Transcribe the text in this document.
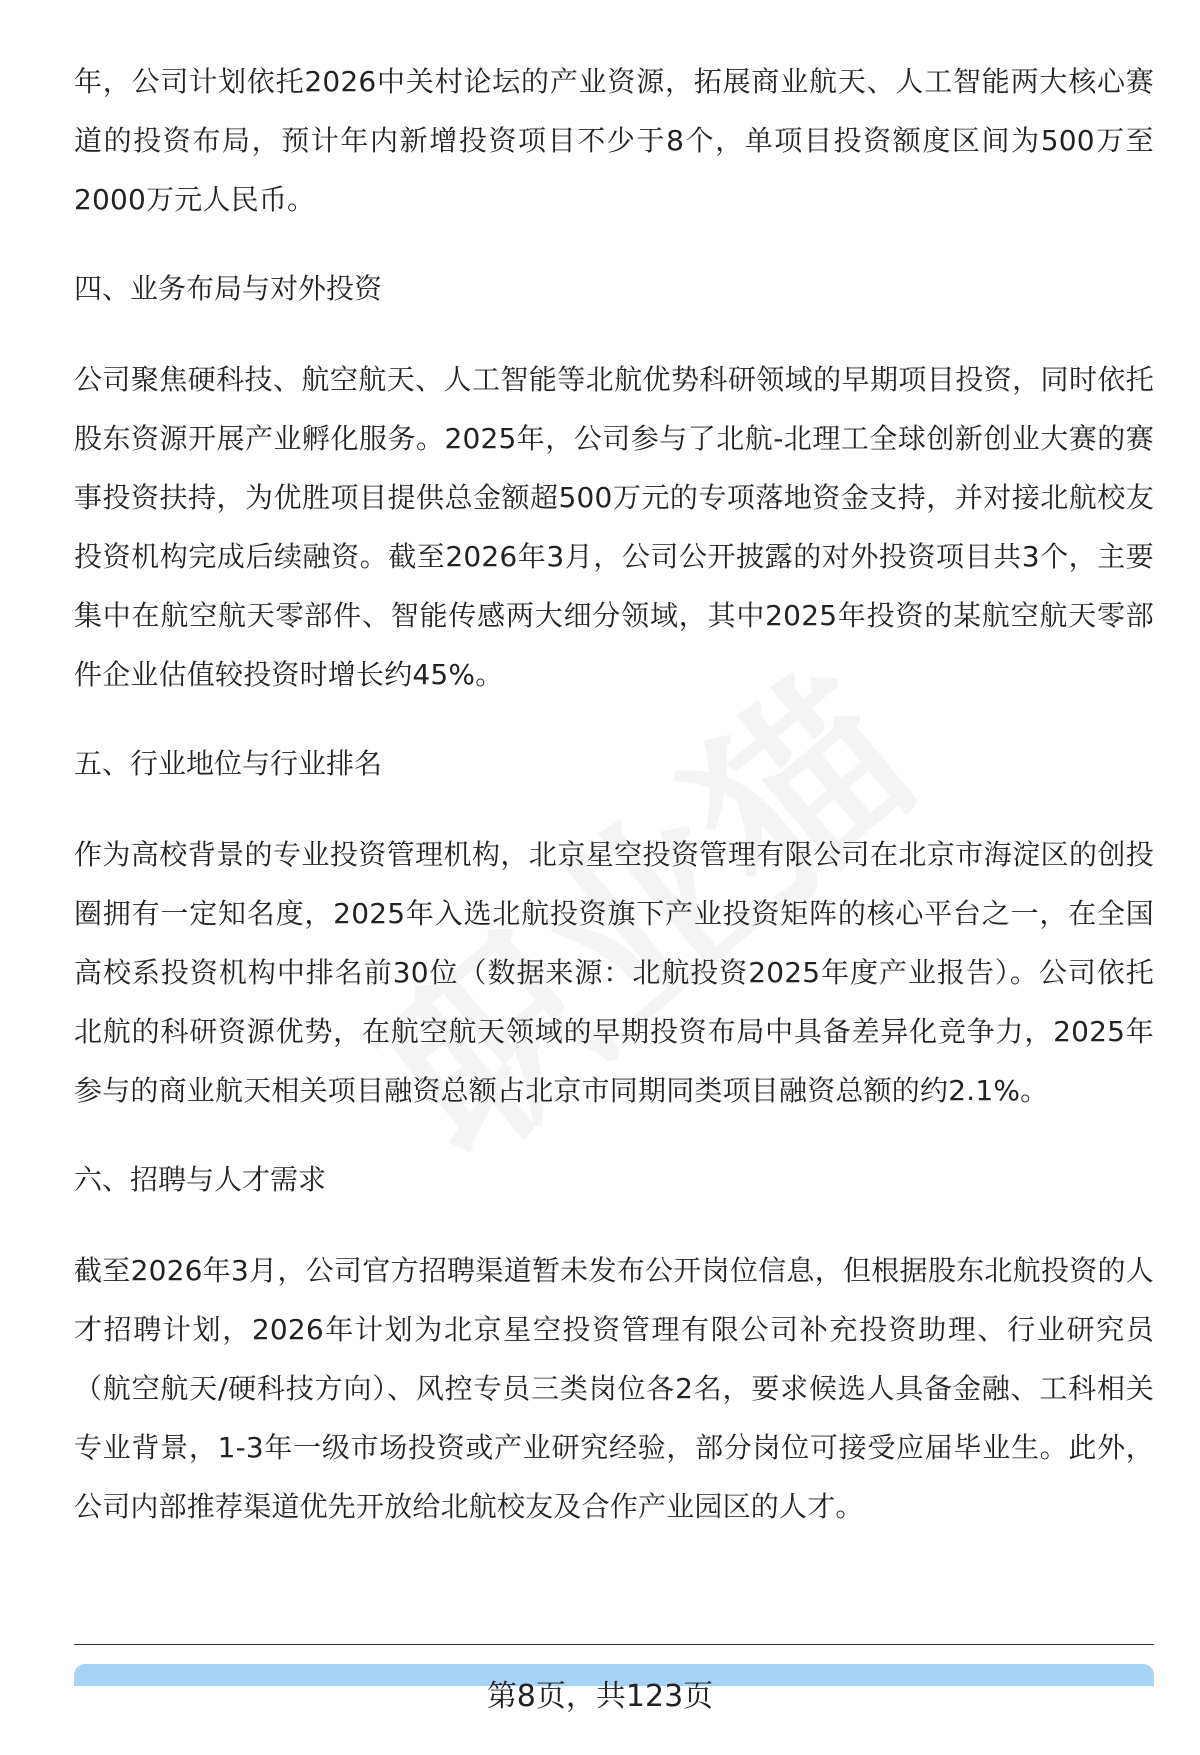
年，公司计划依托2026中关村论坛的产业资源，拓展商业航天、人工智能两大核心赛道的投资布局，预计年内新增投资项目不少于8个，单项目投资额度区间为500万至2000万元人民币。

四、业务布局与对外投资

公司聚焦硬科技、航空航天、人工智能等北航优势科研领域的早期项目投资，同时依托股东资源开展产业孵化服务。2025年，公司参与了北航-北理工全球创新创业大赛的赛事投资扶持，为优胜项目提供总金额超500万元的专项落地资金支持，并对接北航校友投资机构完成后续融资。截至2026年3月，公司公开披露的对外投资项目共3个，主要集中在航空航天零部件、智能传感两大细分领域，其中2025年投资的某航空航天零部件企业估值较投资时增长约45%。

五、行业地位与行业排名

作为高校背景的专业投资管理机构，北京星空投资管理有限公司在北京市海淀区的创投圈拥有一定知名度，2025年入选北航投资旗下产业投资矩阵的核心平台之一，在全国高校系投资机构中排名前30位（数据来源：北航投资2025年度产业报告）。公司依托北航的科研资源优势，在航空航天领域的早期投资布局中具备差异化竞争力，2025年参与的商业航天相关项目融资总额占北京市同期同类项目融资总额的约2.1%。

六、招聘与人才需求

截至2026年3月，公司官方招聘渠道暂未发布公开岗位信息，但根据股东北航投资的人才招聘计划，2026年计划为北京星空投资管理有限公司补充投资助理、行业研究员（航空航天/硬科技方向）、风控专员三类岗位各2名，要求候选人具备金融、工科相关专业背景，1-3年一级市场投资或产业研究经验，部分岗位可接受应届毕业生。此外，公司内部推荐渠道优先开放给北航校友及合作产业园区的人才。

第8页，共123页
